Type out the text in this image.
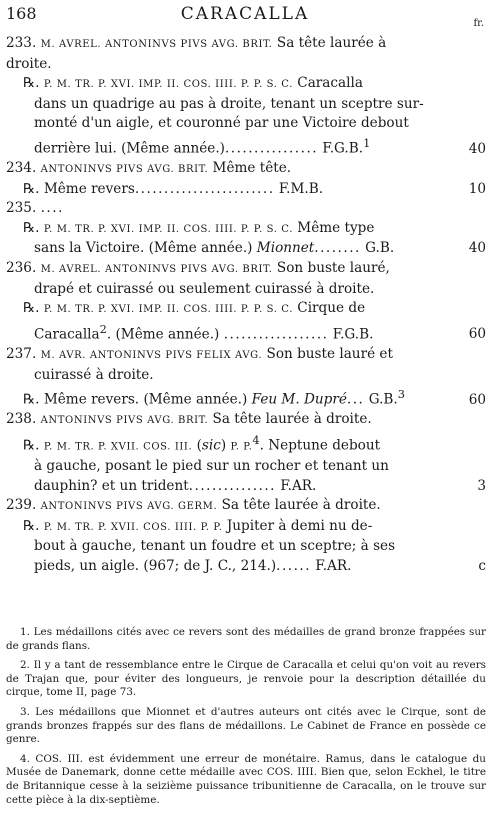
168	CARACALLA	fr.
233. M. AVREL. ANTONINVS PIVS AVG. BRIT. Sa tête laurée à
droite.
℞. P. M. TR. P. XVI. IMP. II. COS. IIII. P. P. S. C. Caracalla
dans un quadrige au pas à droite, tenant un sceptre sur-
monté d'un aigle, et couronné par une Victoire debout
derrière lui. (Même année.)................ F.G.B.$^1$	40
234. ANTONINVS PIVS AVG. BRIT. Même tête.
℞. Même revers........................ F.M.B.	10
235. ....
℞. P. M. TR. P. XVI. IMP. II. COS. IIII. P. P. S. C. Même type
sans la Victoire. (Même année.) Mionnet........ G.B.	40
236. M. AVREL. ANTONINVS PIVS AVG. BRIT. Son buste lauré,
drapé et cuirassé ou seulement cuirassé à droite.
℞. P. M. TR. P. XVI. IMP. II. COS. IIII. P. P. S. C. Cirque de
Caracalla$^2$. (Même année.) .................. F.G.B.	60
237. M. AVR. ANTONINVS PIVS FELIX AVG. Son buste lauré et
cuirassé à droite.
℞. Même revers. (Même année.) Feu M. Dupré... G.B.$^3$	60
238. ANTONINVS PIVS AVG. BRIT. Sa tête laurée à droite.
℞. P. M. TR. P. XVII. COS. III. (sic) P. P.$^4$. Neptune debout
à gauche, posant le pied sur un rocher et tenant un
dauphin? et un trident............... F.AR.	3
239. ANTONINVS PIVS AVG. GERM. Sa tête laurée à droite.
℞. P. M. TR. P. XVII. COS. IIII. P. P. Jupiter à demi nu de-
bout à gauche, tenant un foudre et un sceptre; à ses
pieds, un aigle. (967; de J. C., 214.)...... F.AR.	c

1. Les médaillons cités avec ce revers sont des médailles de grand bronze frappées sur de grands flans.

2. Il y a tant de ressemblance entre le Cirque de Caracalla et celui qu'on voit au revers de Trajan que, pour éviter des longueurs, je renvoie pour la description détaillée du cirque, tome II, page 73.

3. Les médaillons que Mionnet et d'autres auteurs ont cités avec le Cirque, sont de grands bronzes frappés sur des flans de médaillons. Le Cabinet de France en possède ce genre.

4. COS. III. est évidemment une erreur de monétaire. Ramus, dans le catalogue du Musée de Danemark, donne cette médaille avec COS. IIII. Bien que, selon Eckhel, le titre de Britannique cesse à la seizième puissance tribunitienne de Caracalla, on le trouve sur cette pièce à la dix-septième.
